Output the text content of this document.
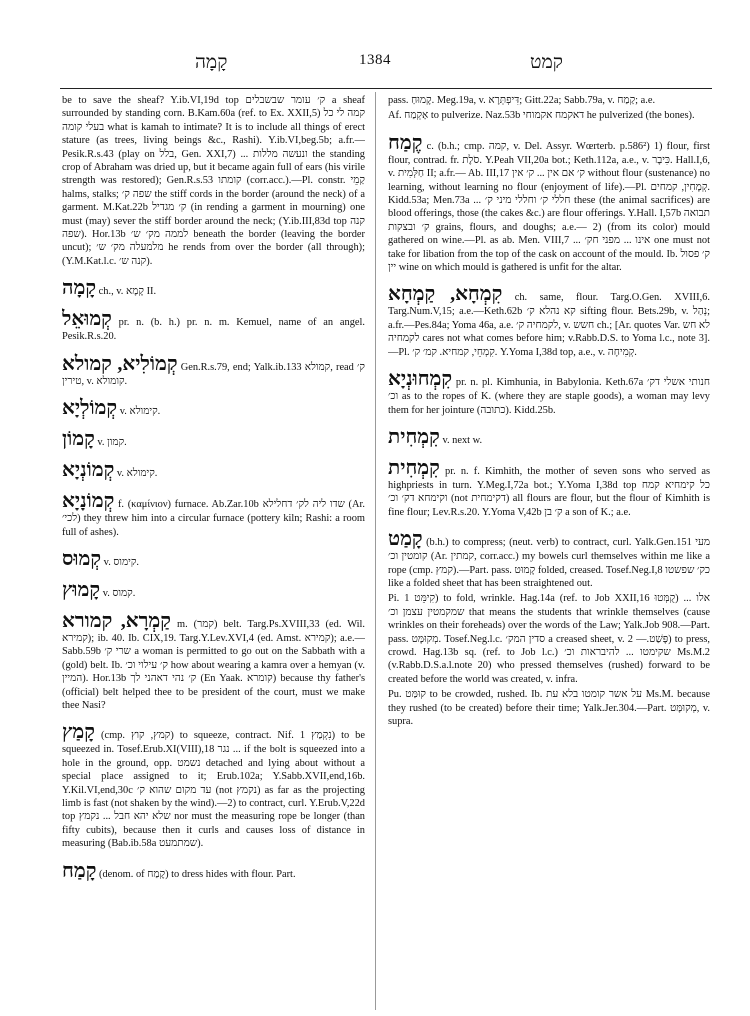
קָמָה	1384	קמט
be to save the sheaf? Y.ib.VI,19d top ק׳ עומר שבשבלים a sheaf surrounded by standing corn. B.Kam.60a (ref. to Ex. XXII,5) קמה לי כל בעלי קומה what is kamah to intimate? It is to include all things of erect stature (as trees, living beings &c., Rashi). Y.ib.VI,beg.5b; a.fr.— Pesik.R.s.43 (play on בלל, Gen. XXI,7) ... ונעשה מללות the standing crop of Abraham was dried up, but it became again full of ears (his virile strength was restored); Gen.R.s.53 קומתו (corr.acc.).—Pl. constr. קַמֵי halms, stalks; שפה ק׳ the stiff cords in the border (around the neck) of a garment. M.Kat.22b ק׳ מגדיל (in rending a garment in mourning) one must (may) sever the stiff border around the neck; (Y.ib.III,83d top קנה שפה). Hor.13b לממה מק׳ ש׳ beneath the border (leaving the border uncut); מלמעלה מק׳ ש׳ he rends from over the border (all through); (Y.M.Kat.l.c. קנה ש׳).
קָמָה ch., v. קָמָא II.
קְמוּאֵל pr. n. (b. h.) pr. n. m. Kemuel, name of an angel. Pesik.R.s.20.
קְמוֹלִיא, קמולא Gen.R.s.79, end; Yalk.ib.133 קמולא, read ק׳ טירין, v. קומולא.
קְמוֹלְיָא v. קימולא.
קָמוֹן v. קמון.
קְמוֹנְיָא v. קימולא.
קְמוֹנָיָא f. (καμίνιον) furnace. Ab.Zar.10b שדו ליה לק׳ דחלילא (Ar. לכי׳) they threw him into a circular furnace (pottery kiln; Rashi: a room full of ashes).
קְמוּס v. קימוס.
קָמוּץ v. קמוס.
קַמְרָא, קמורא m. (קמר) belt. Targ.Ps.XVIII,33 (ed. Wil. קמירא); ib. 40. Ib. CIX,19. Targ.Y.Lev.XVI,4 (ed. Amst. קמירא); a.e.—Sabb.59b שרי ק׳ a woman is permitted to go out on the Sabbath with a (gold) belt. Ib. ק׳ עילוי וכ׳ how about wearing a kamra over a hemyan (v. המיין). Hor.13b ק׳ נהי דאהני לך (En Yaak. קומרא) because thy father's (official) belt helped thee to be president of the court, must we make thee Nasi?
קָמַץ (cmp. קמץ, קוץ) to squeeze, contract. Nif. נִקְמַץ 1) to be squeezed in. Tosef.Erub.XI(VIII),18 נגר ... if the bolt is squeezed into a hole in the ground, opp. נשמט detached and lying about without a special place assigned to it; Erub.102a; Y.Sabb.XVII,end,16b. Y.Kil.VI,end,30c עד מקום שהוא ק׳ (not נקמץ) as far as the projecting limb is fast (not shaken by the wind).—2) to contract, curl. Y.Erub.V,22d top שלא יהא חבל ... נקמץ nor must the measuring rope be longer (than fifty cubits), because then it curls and causes loss of distance in measuring (Bab.ib.58a שמתמעט).
קָמַח (denom. of קֶמַח) to dress hides with flour. Part.
pass. קָמוּחַ. Meg.19a, v. דִּיפְתְּרָא; Gitt.22a; Sabb.79a, v. קַמַח; a.e.
Af. אַקְמַח to pulverize. Naz.53b דאקמח אקמוחי he pulverized (the bones).
קֶמַח c. (b.h.; cmp. קמה, v. Del. Assyr. Wœrterb. p.586²) 1) flour, first flour, contrad. fr. סֹלֶת. Y.Peah VII,20a bot.; Keth.112a, a.e., v. כִּיבָר. Hall.I,6, v. חַלְּמִית II; a.fr.— Ab. III,17 ק׳ אם אין ... ק׳ אין without flour (sustenance) no learning, without learning no flour (enjoyment of life).—Pl. קְמָחִין, קמחים. Kidd.53a; Men.73a ... חללי ק׳ וחללי מיני ק׳ these (the animal sacrifices) are blood offerings, those (the cakes &c.) are flour offerings. Y.Hall. I,57b תבואה ק׳ ובצקות grains, flours, and doughs; a.e.— 2) (from its color) mould gathered on wine.—Pl. as ab. Men. VIII,7 ... אינו ... מפני חק׳ one must not take for libation from the top of the cask on account of the mould. Ib. ק׳ פסול יין wine on which mould is gathered is unfit for the altar.
קִמְחָא, קַמְחָא ch. same, flour. Targ.O.Gen. XVIII,6. Targ.Num.V,15; a.e.—Keth.62b קא נהלא ק׳ sifting flour. Bets.29b, v. נְהַל; a.fr.—Pes.84a; Yoma 46a, a.e. לקמחיה ק׳, v. חשש ch.; [Ar. quotes Var. לא חש לקמחיה cares not what comes before him; v.Rabb.D.S. to Yoma l.c., note 3].—Pl. קִמְחֵי, קמחיא. קמ׳ ק׳. Y.Yoma I,38d top, a.e., v. קְמִיחָה.
קִמְחוּנְיָא pr. n. pl. Kimhunia, in Babylonia. Keth.67a חנותי אשלי דק׳ וכ׳ as to the ropes of K. (where they are staple goods), a woman may levy them for her jointure (כתובה). Kidd.25b.
קִמְחִית v. next w.
קִמְחִית pr. n. f. Kimhith, the mother of seven sons who served as highpriests in turn. Y.Meg.I,72a bot.; Y.Yoma I,38d top כל קימחיא קמח וקימחא דק׳ וכ׳ (not דקימחית) all flours are flour, but the flour of Kimhith is fine flour; Lev.R.s.20. Y.Yoma V,42b ק׳ בן a son of K.; a.e.
קָמַט (b.h.) to compress; (neut. verb) to contract, curl. Yalk.Gen.151 מעי קומטין וכ׳ (Ar. קמתין, corr.acc.) my bowels curl themselves within me like a rope (cmp. קמץ).—Part. pass. קָמוּט folded, creased. Tosef.Neg.I,8 כק׳ שפשטו like a folded sheet that has been straightened out.
Pi. קִימֵּט 1) to fold, wrinkle. Hag.14a (ref. to Job XXII,16 קֻמְּטוּ) אלו ... שמקמטין עצמן וכ׳ that means the students that wrinkle themselves (cause wrinkles on their foreheads) over the words of the Law; Yalk.Job 908.—Part. pass. מְקוּמָּט. Tosef.Neg.l.c. סדין המק׳ a creased sheet, v. פָּשַׁט.— 2) to press, crowd. Hag.13b sq. (ref. to Job l.c.) שקימטו ... להיבראות וכ׳ Ms.M.2 (v.Rabb.D.S.a.l.note 20) who pressed themselves (rushed) forward to be created before the world was created, v. infra.
Pu. קוּמַּט to be crowded, rushed. Ib. על אשר קומטו בלא עת Ms.M. because they rushed (to be created) before their time; Yalk.Jer.304.—Part. מְקוּמָּט, v. supra.
